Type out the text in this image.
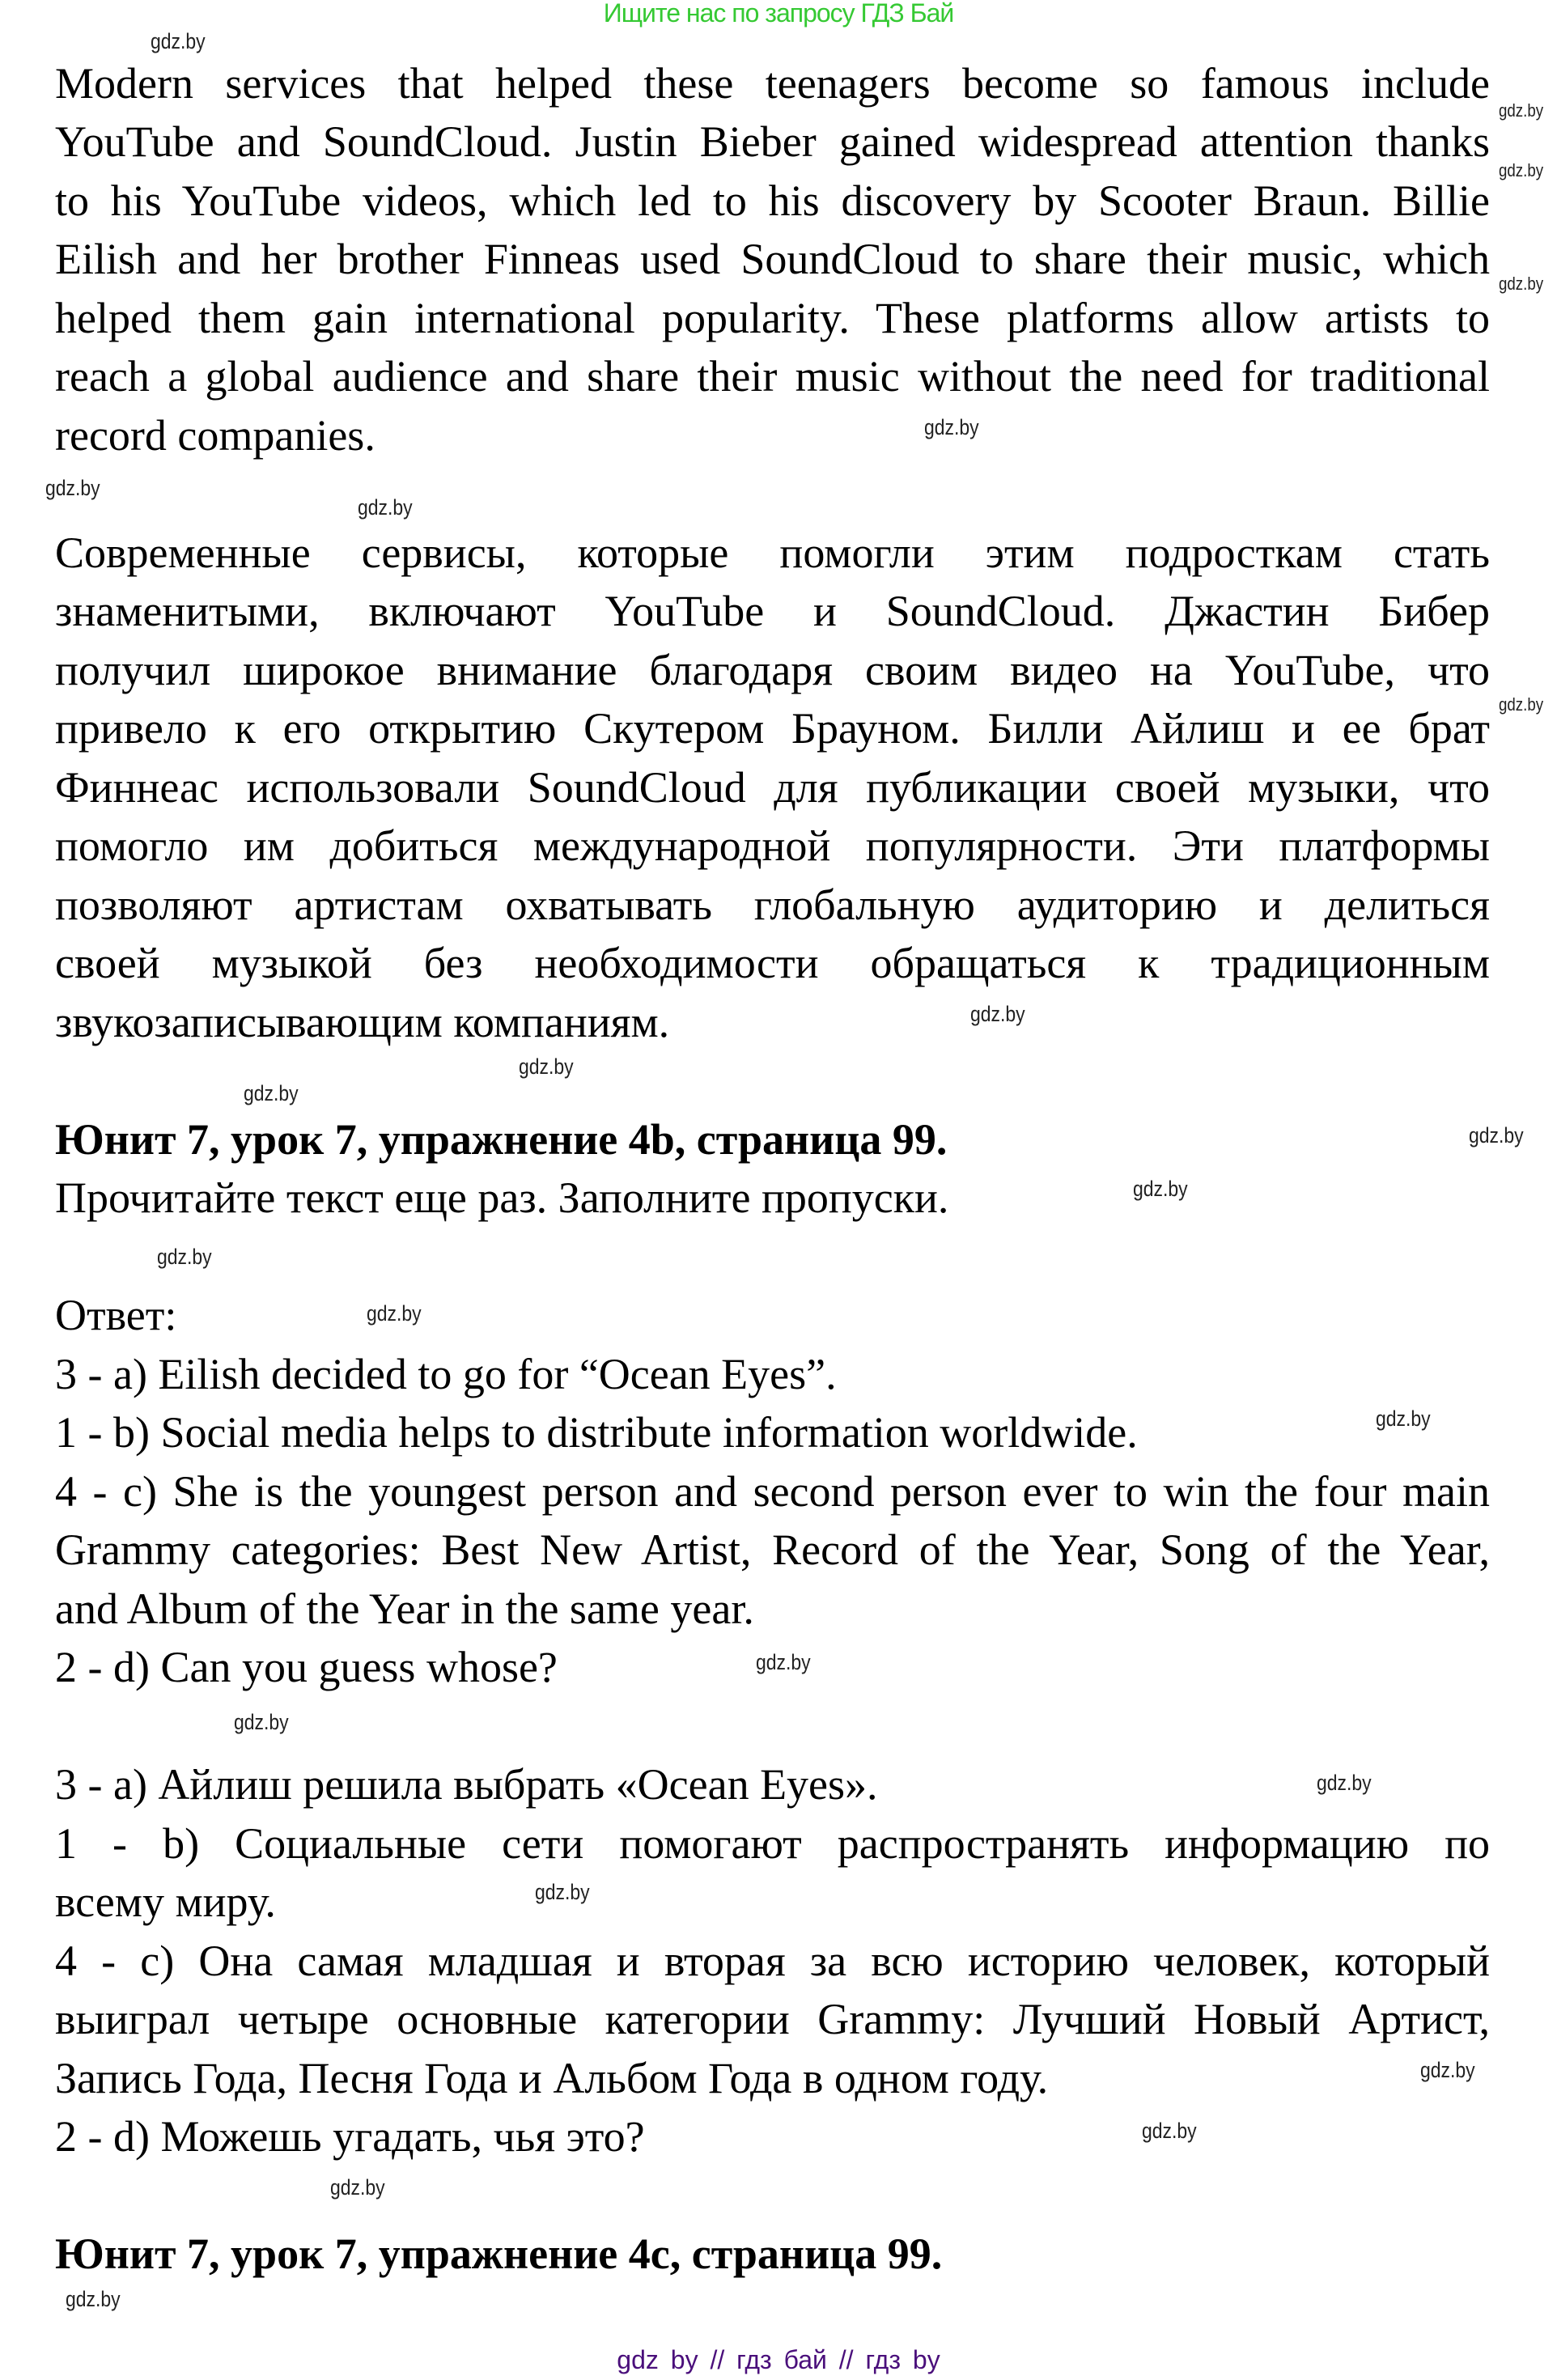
Ищите нас по запросу ГДЗ Бай
Modern services that helped these teenagers become so famous include
YouTube and SoundCloud. Justin Bieber gained widespread attention thanks
to his YouTube videos, which led to his discovery by Scooter Braun. Billie
Eilish and her brother Finneas used SoundCloud to share their music, which
helped them gain international popularity. These platforms allow artists to
reach a global audience and share their music without the need for traditional
record companies.
Современные сервисы, которые помогли этим подросткам стать
знаменитыми, включают YouTube и SoundCloud. Джастин Бибер
получил широкое внимание благодаря своим видео на YouTube, что
привело к его открытию Скутером Брауном. Билли Айлиш и ее брат
Финнеас использовали SoundCloud для публикации своей музыки, что
помогло им добиться международной популярности. Эти платформы
позволяют артистам охватывать глобальную аудиторию и делиться
своей музыкой без необходимости обращаться к традиционным
звукозаписывающим компаниям.
Юнит 7, урок 7, упражнение 4b, страница 99.
Прочитайте текст еще раз. Заполните пропуски.
Ответ:
3 - a) Eilish decided to go for “Ocean Eyes”.
1 - b) Social media helps to distribute information worldwide.
4 - c) She is the youngest person and second person ever to win the four main
Grammy categories: Best New Artist, Record of the Year, Song of the Year,
and Album of the Year in the same year.
2 - d) Can you guess whose?
3 - a) Айлиш решила выбрать «Ocean Eyes».
1 - b) Социальные сети помогают распространять информацию по
всему миру.
4 - c) Она самая младшая и вторая за всю историю человек, который
выиграл четыре основные категории Grammy: Лучший Новый Артист,
Запись Года, Песня Года и Альбом Года в одном году.
2 - d) Можешь угадать, чья это?
Юнит 7, урок 7, упражнение 4c, страница 99.
gdz.by
gdz.by
gdz.by
gdz.by
gdz.by
gdz.by
gdz.by
gdz.by
gdz.by
gdz.by
gdz.by
gdz.by
gdz.by
gdz.by
gdz.by
gdz.by
gdz.by
gdz.by
gdz.by
gdz.by
gdz.by
gdz.by
gdz.by
gdz.by
gdz by // гдз бай // гдз by
